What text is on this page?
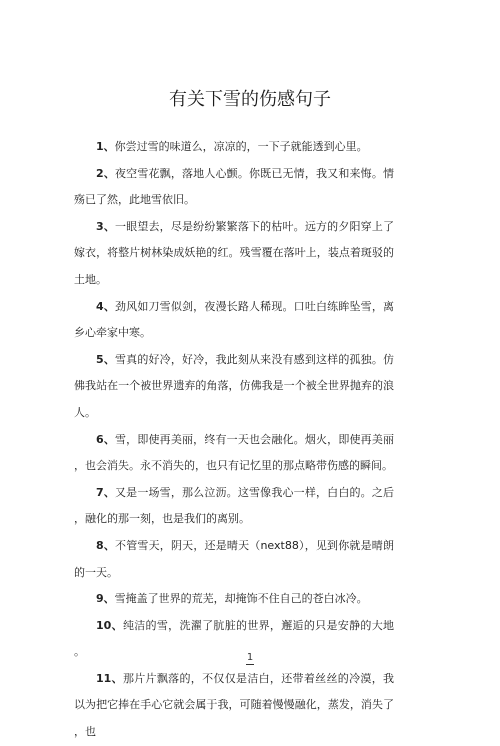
有关下雪的伤感句子

1、你尝过雪的味道么，凉凉的，一下子就能透到心里。

2、夜空雪花飘，落地人心颤。你既已无情，我又和来悔。情殇已了然，此地雪依旧。

3、一眼望去，尽是纷纷繁繁落下的枯叶。远方的夕阳穿上了嫁衣，将整片树林染成妖艳的红。残雪覆在落叶上，装点着斑驳的土地。

4、劲风如刀雪似剑，夜漫长路人稀现。口吐白练眸坠雪，离乡心牵家中寒。

5、雪真的好冷，好冷，我此刻从来没有感到这样的孤独。仿佛我站在一个被世界遗弃的角落，仿佛我是一个被全世界抛弃的浪人。

6、雪，即使再美丽，终有一天也会融化。烟火，即使再美丽，也会消失。永不消失的，也只有记忆里的那点略带伤感的瞬间。

7、又是一场雪，那么泣沥。这雪像我心一样，白白的。之后，融化的那一刻，也是我们的离别。

8、不管雪天，阴天，还是晴天（next88），见到你就是晴朗的一天。

9、雪掩盖了世界的荒芜，却掩饰不住自己的苍白冰冷。

10、纯洁的雪，洗濯了肮脏的世界，邂逅的只是安静的大地。

11、那片片飘落的，不仅仅是洁白，还带着丝丝的冷漠，我以为把它捧在手心它就会属于我，可随着慢慢融化，蒸发，消失了，也

1
